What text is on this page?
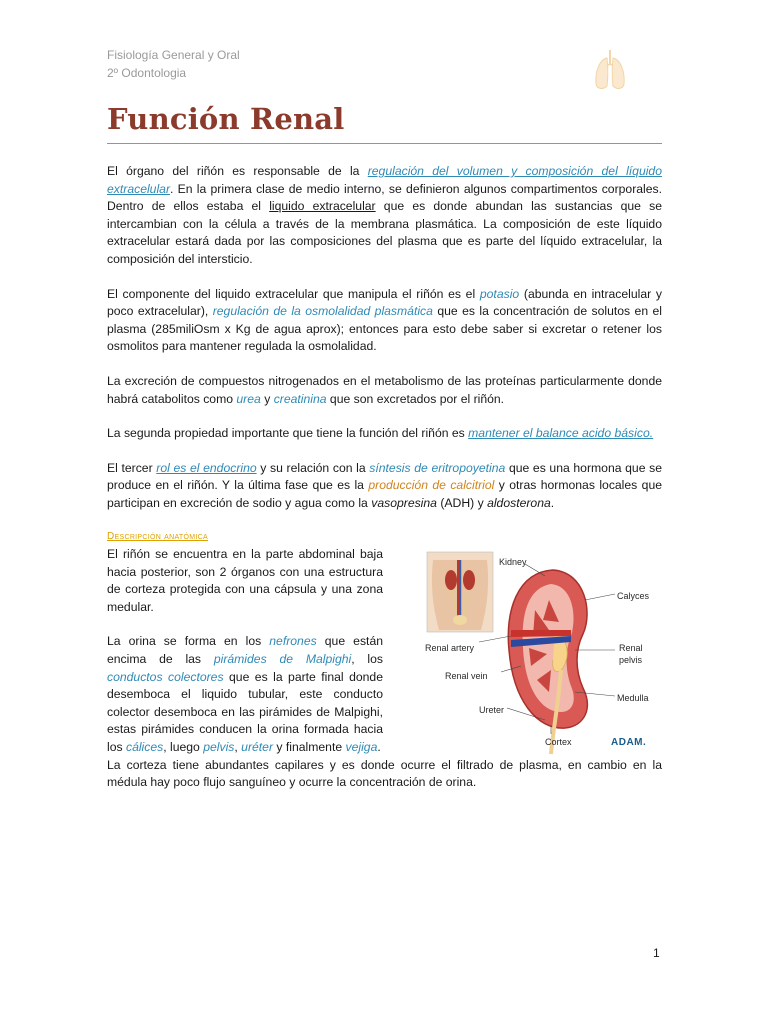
Fisiología General y Oral
2º Odontologia
Función Renal

El órgano del riñón es responsable de la regulación del volumen y composición del líquido extracelular. En la primera clase de medio interno, se definieron algunos compartimentos corporales. Dentro de ellos estaba el liquido extracelular que es donde abundan las sustancias que se intercambian con la célula a través de la membrana plasmática. La composición de este líquido extracelular estará dada por las composiciones del plasma que es parte del líquido extracelular, la composición del intersticio.

El componente del liquido extracelular que manipula el riñón es el potasio (abunda en intracelular y poco extracelular), regulación de la osmolalidad plasmática que es la concentración de solutos en el plasma (285miliOsm x Kg de agua aprox); entonces para esto debe saber si excretar o retener los osmolitos para mantener regulada la osmolalidad.

La excreción de compuestos nitrogenados en el metabolismo de las proteínas particularmente donde habrá catabolitos como urea y creatinina que son excretados por el riñón.

La segunda propiedad importante que tiene la función del riñón es mantener el balance acido básico.

El tercer rol es el endocrino y su relación con la síntesis de eritropoyetina que es una hormona que se produce en el riñón. Y la última fase que es la producción de calcitriol y otras hormonas locales que participan en excreción de sodio y agua como la vasopresina (ADH) y aldosterona.

Descripción anatómica

El riñón se encuentra en la parte abdominal baja hacia posterior, son 2 órganos con una estructura de corteza protegida con una cápsula y una zona medular.

La orina se forma en los nefrones que están encima de las pirámides de Malpighi, los conductos colectores que es la parte final donde desemboca el liquido tubular, este conducto colector desemboca en las pirámides de Malpighi, estas pirámides conducen la orina formada hacia los cálices, luego pelvis, uréter y finalmente vejiga.

Kidney
Calyces
Renal artery	Renal
pelvis
Renal vein
Medulla
Ureter
Cortex	ADAM.

La corteza tiene abundantes capilares y es donde ocurre el filtrado de plasma, en cambio en la médula hay poco flujo sanguíneo y ocurre la concentración de orina.

1
